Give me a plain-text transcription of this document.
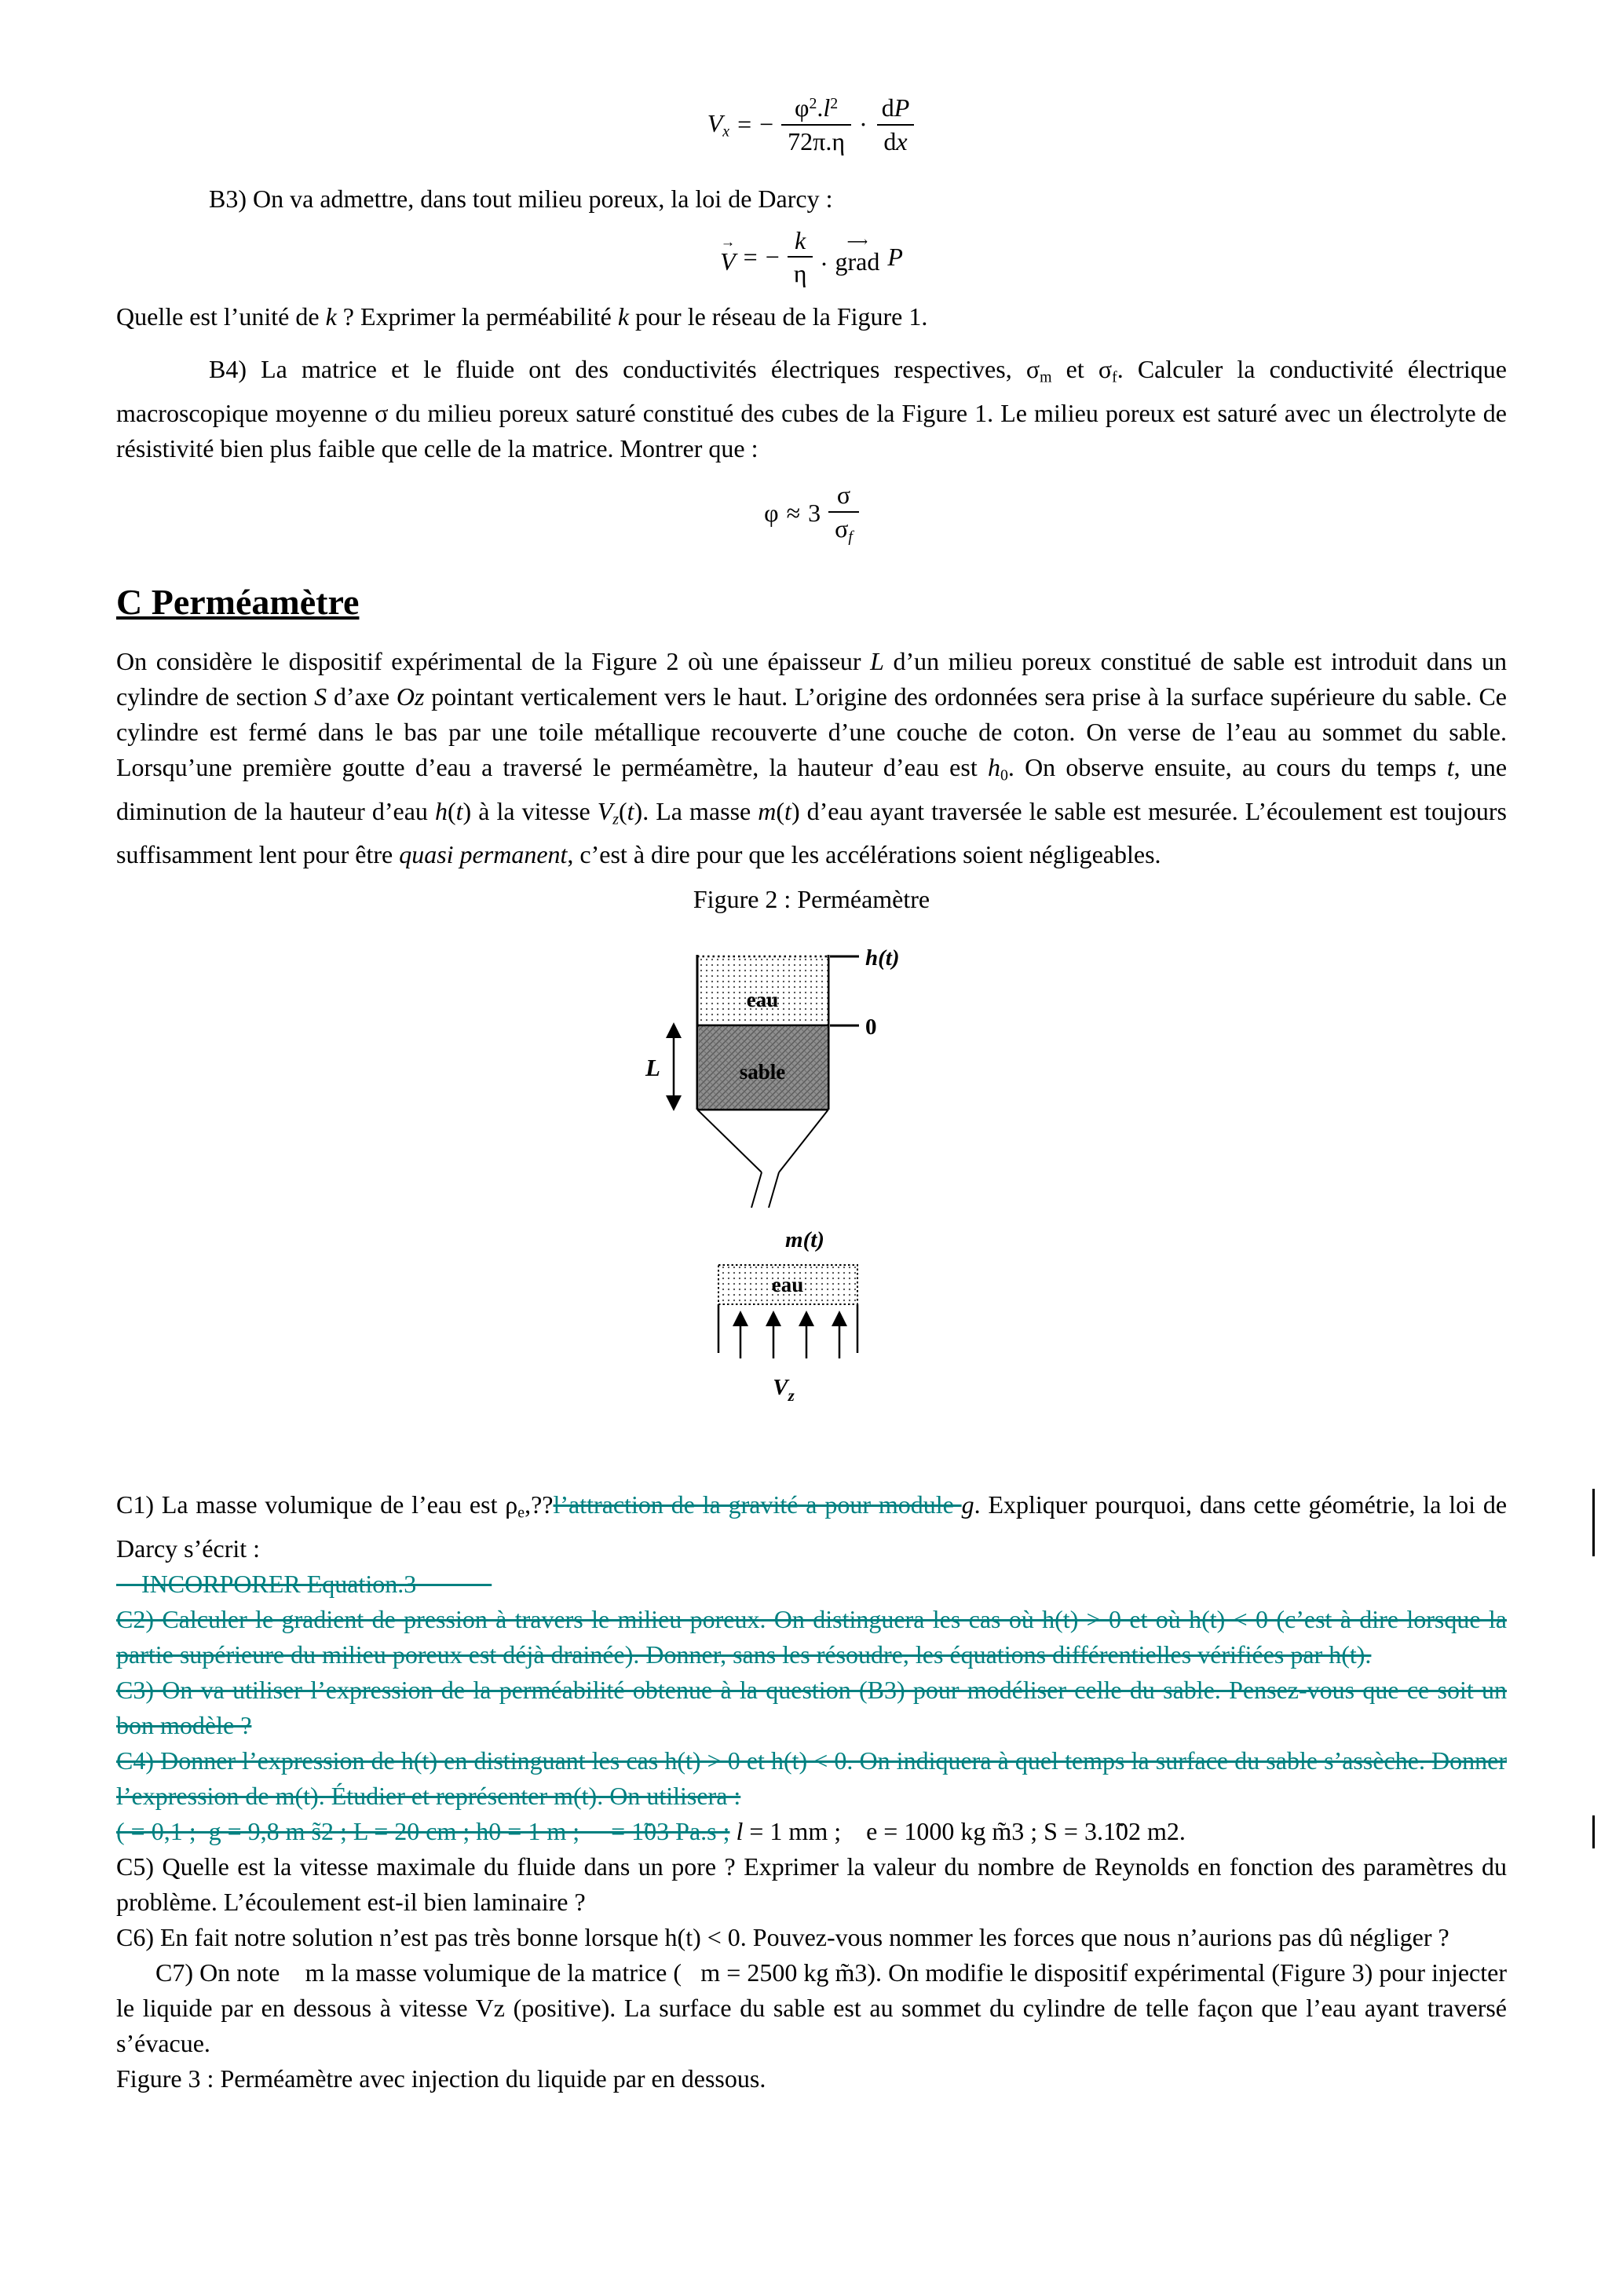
Vx = − $\frac{\varphi^2.l^2}{72\pi.\eta} \cdot \frac{dP}{dx}$

B3) On va admettre, dans tout milieu poreux, la loi de Darcy :

→
V = − $\frac{k}{\eta}$ .
⟶
grad P

Quelle est l’unité de k ? Exprimer la perméabilité k pour le réseau de la Figure 1.

B4) La matrice et le fluide ont des conductivités électriques respectives, σm et σf. Calculer la conductivité électrique macroscopique moyenne σ du milieu poreux saturé constitué des cubes de la Figure 1. Le milieu poreux est saturé avec un électrolyte de résistivité bien plus faible que celle de la matrice. Montrer que :

$\varphi \approx 3 \frac{\sigma}{\sigma f}$
C Perméamètre

On considère le dispositif expérimental de la Figure 2 où une épaisseur L d’un milieu poreux constitué de sable est introduit dans un cylindre de section S d’axe Oz pointant verticalement vers le haut. L’origine des ordonnées sera prise à la surface supérieure du sable. Ce cylindre est fermé dans le bas par une toile métallique recouverte d’une couche de coton. On verse de l’eau au sommet du sable. Lorsqu’une première goutte d’eau a traversé le perméamètre, la hauteur d’eau est h0. On observe ensuite, au cours du temps t, une diminution de la hauteur d’eau h(t) à la vitesse Vz(t). La masse m(t) d’eau ayant traversée le sable est mesurée. L’écoulement est toujours suffisamment lent pour être quasi permanent, c’est à dire pour que les accélérations soient négligeables.

Figure 2 : Perméamètre

eau
sable
h(t)
0
L
m(t)
eau
$V_z$

C1) La masse volumique de l’eau est ρe,??l’attraction de la gravité a pour module g. Expliquer pourquoi, dans cette géométrie, la loi de Darcy s’écrit :

INCORPORER Equation.3

C2) Calculer le gradient de pression à travers le milieu poreux. On distinguera les cas où h(t) > 0 et où h(t) < 0 (c’est à dire lorsque la partie supérieure du milieu poreux est déjà drainée). Donner, sans les résoudre, les équations différentielles vérifiées par h(t).

C3) On va utiliser l’expression de la perméabilité obtenue à la question (B3) pour modéliser celle du sable. Pensez-vous que ce soit un bon modèle ?

C4) Donner l’expression de h(t) en distinguant les cas h(t) > 0 et h(t) < 0. On indiquera à quel temps la surface du sable s’assèche. Donner l’expression de m(t). Étudier et représenter m(t). On utilisera :

( = 0,1 ;  g = 9,8 m s̃2 ; L = 20 cm ; h0 = 1 m ;     = 1̃03 Pa.s ; l = 1 mm ;    e = 1000 kg m̃3 ; S = 3.1̃02 m2.

C5) Quelle est la vitesse maximale du fluide dans un pore ? Exprimer la valeur du nombre de Reynolds en fonction des paramètres du problème. L’écoulement est-il bien laminaire ?

C6) En fait notre solution n’est pas très bonne lorsque h(t) < 0. Pouvez-vous nommer les forces que nous n’aurions pas dû négliger ?

C7) On note    m la masse volumique de la matrice (   m = 2500 kg m̃3). On modifie le dispositif expérimental (Figure 3) pour injecter le liquide par en dessous à vitesse Vz (positive). La surface du sable est au sommet du cylindre de telle façon que l’eau ayant traversé s’évacue.

Figure 3 : Perméamètre avec injection du liquide par en dessous.
